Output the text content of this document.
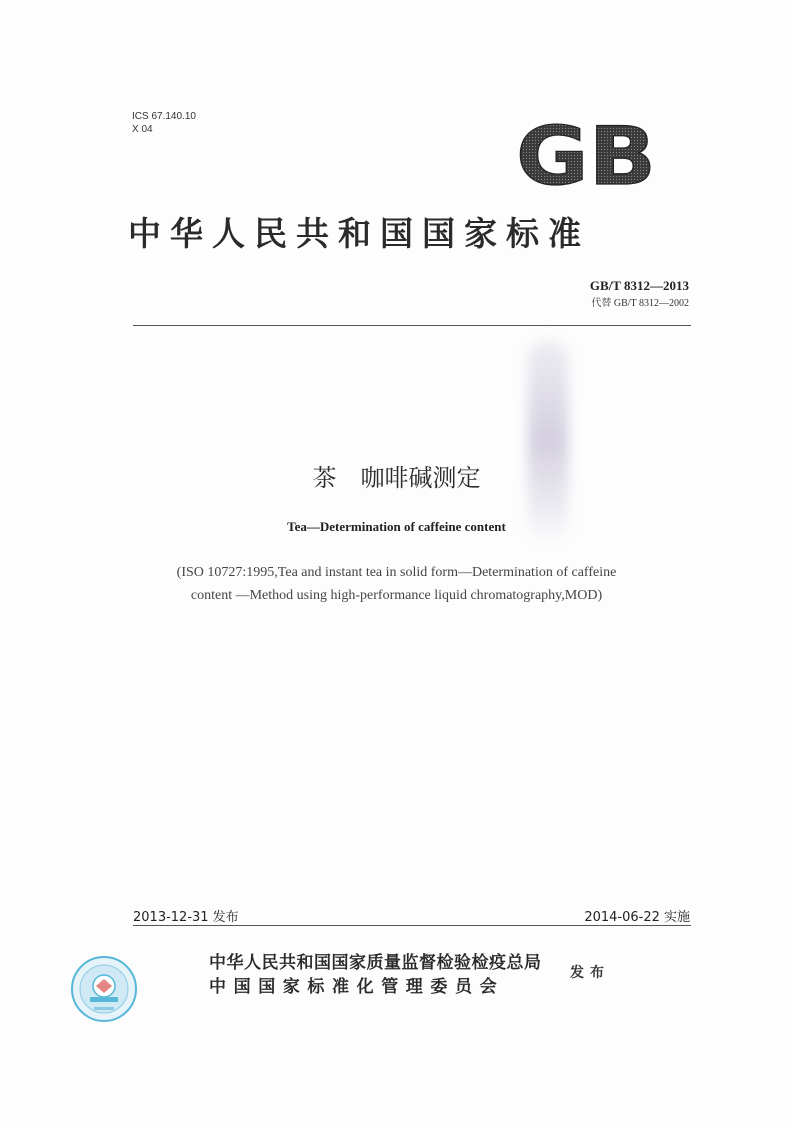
ICS 67.140.10
X 04	GB
中华人民共和国国家标准
GB/T 8312—2013
代替 GB/T 8312—2002
茶　咖啡碱测定
Tea—Determination of caffeine content
(ISO 10727:1995,Tea and instant tea in solid form—Determination of caffeine
content —Method using high-performance liquid chromatography,MOD)
2013-12-31 发布	2014-06-22 实施
中华人民共和国国家质量监督检验检疫总局
中国国家标准化管理委员会
发布
